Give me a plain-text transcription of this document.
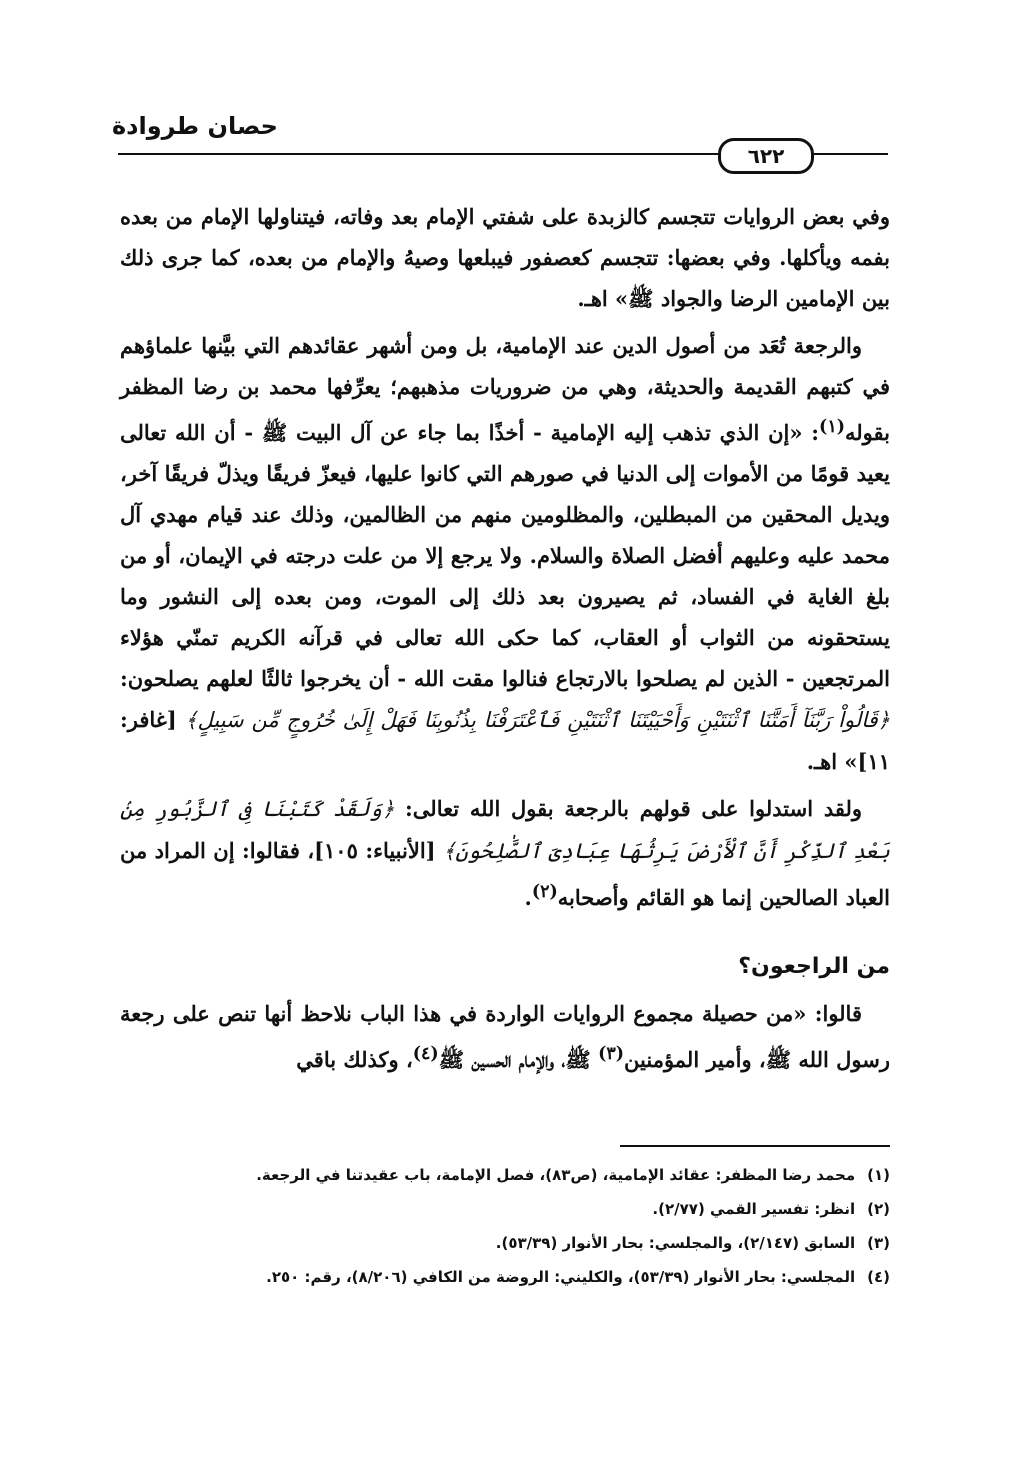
حصان طروادة
٦٢٢

وفي بعض الروايات تتجسم كالزبدة على شفتي الإمام بعد وفاته، فيتناولها الإمام من بعده بفمه ويأكلها. وفي بعضها: تتجسم كعصفور فيبلعها وصيهُ والإمام من بعده، كما جرى ذلك بين الإمامين الرضا والجواد ﷺ» اهـ.

والرجعة تُعَد من أصول الدين عند الإمامية، بل ومن أشهر عقائدهم التي بيَّنها علماؤهم في كتبهم القديمة والحديثة، وهي من ضروريات مذهبهم؛ يعرِّفها محمد بن رضا المظفر بقوله$^{(١)}$: «إن الذي تذهب إليه الإمامية - أخذًا بما جاء عن آل البيت ﷺ - أن الله تعالى يعيد قومًا من الأموات إلى الدنيا في صورهم التي كانوا عليها، فيعزّ فريقًا ويذلّ فريقًا آخر، ويديل المحقين من المبطلين، والمظلومين منهم من الظالمين، وذلك عند قيام مهدي آل محمد عليه وعليهم أفضل الصلاة والسلام. ولا يرجع إلا من علت درجته في الإيمان، أو من بلغ الغاية في الفساد، ثم يصيرون بعد ذلك إلى الموت، ومن بعده إلى النشور وما يستحقونه من الثواب أو العقاب، كما حكى الله تعالى في قرآنه الكريم تمنّي هؤلاء المرتجعين - الذين لم يصلحوا بالارتجاع فنالوا مقت الله - أن يخرجوا ثالثًا لعلهم يصلحون: ﴿قَالُواْ رَبَّنَآ أَمَتَّنَا ٱثْنَتَيْنِ وَأَحْيَيْتَنَا ٱثْنَتَيْنِ فَٱعْتَرَفْنَا بِذُنُوبِنَا فَهَلْ إِلَىٰ خُرُوجٍ مِّن سَبِيلٍ﴾ [غافر: ١١]» اهـ.

ولقد استدلوا على قولهم بالرجعة بقول الله تعالى: ﴿وَلَقَدْ كَتَبْنَا فِى ٱلزَّبُورِ مِنۢ بَعْدِ ٱلذِّكْرِ أَنَّ ٱلْأَرْضَ يَرِثُهَا عِبَادِىَ ٱلصَّٰلِحُونَ﴾ [الأنبياء: ١٠٥]، فقالوا: إن المراد من العباد الصالحين إنما هو القائم وأصحابه$^{(٢)}$.

من الراجعون؟

قالوا: «من حصيلة مجموع الروايات الواردة في هذا الباب نلاحظ أنها تنص على رجعة رسول الله ﷺ، وأمير المؤمنين$^{(٣)}$ ﷺ، والإمام الحسين ﷺ$^{(٤)}$، وكذلك باقي

(١)محمد رضا المظفر: عقائد الإمامية، (ص٨٣)، فصل الإمامة، باب عقيدتنا في الرجعة.
(٢)انظر: تفسير القمي (٢/٧٧).
(٣)السابق (٢/١٤٧)، والمجلسي: بحار الأنوار (٥٣/٣٩).
(٤)المجلسي: بحار الأنوار (٥٣/٣٩)، والكليني: الروضة من الكافي (٨/٢٠٦)، رقم: ٢٥٠.
